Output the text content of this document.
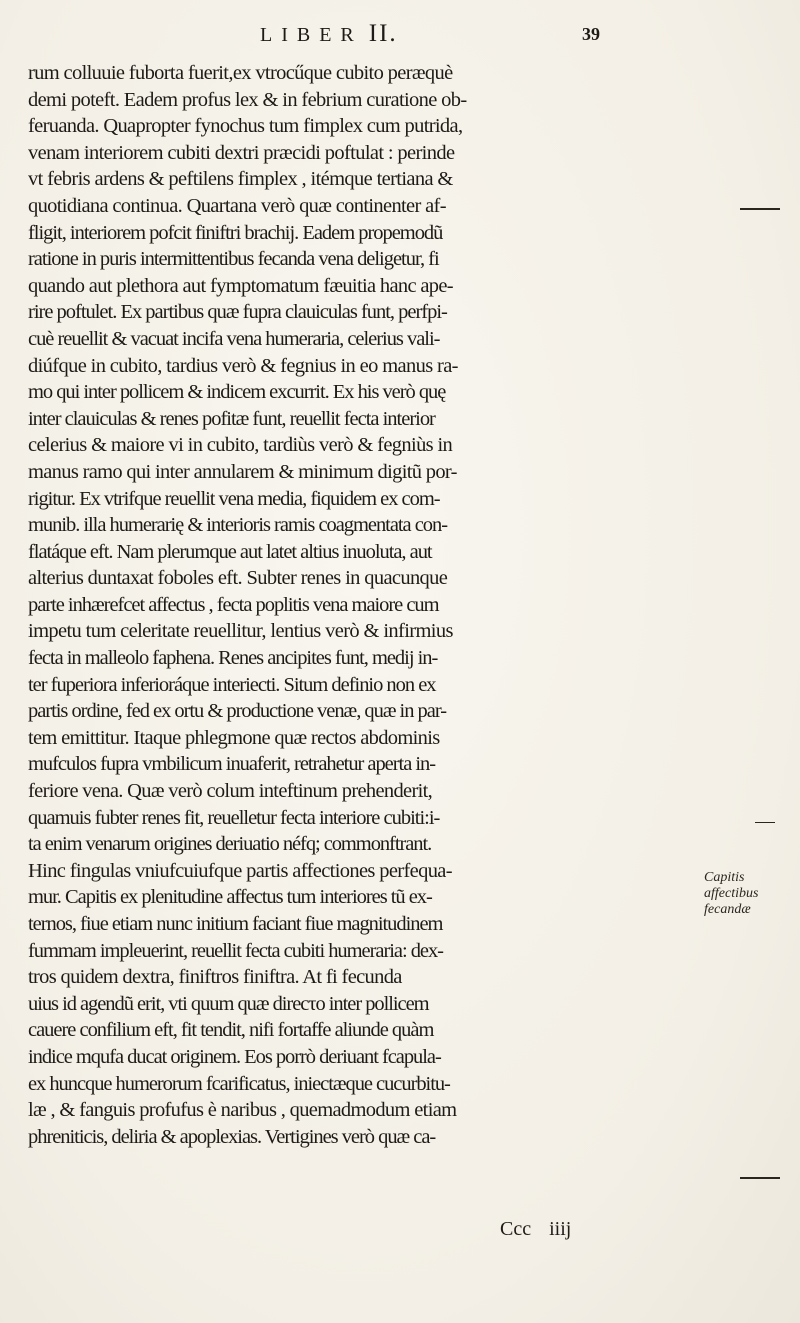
LIBER II.	39
rum colluuie fuborta fuerit,ex vtrocűque cubito peræquè
demi poteft. Eadem profus lex & in febrium curatione ob-
feruanda. Quapropter fynochus tum fimplex cum putrida,
venam interiorem cubiti dextri præcidi poftulat : perinde
vt febris ardens & peftilens fimplex , itémque tertiana &
quotidiana continua. Quartana verò quæ continenter af-
fligit, interiorem pofcit finiftri brachij. Eadem propemodũ
ratione in puris intermittentibus fecanda vena deligetur, fi
quando aut plethora aut fymptomatum fæuitia hanc ape-
rire poftulet. Ex partibus quæ fupra clauiculas funt, perfpi-
cuè reuellit & vacuat incifa vena humeraria, celerius vali-
diúfque in cubito, tardius verò & fegnius in eo manus ra-
mo qui inter pollicem & indicem excurrit. Ex his verò quę
inter clauiculas & renes pofitæ funt, reuellit fecta interior
celerius & maiore vi in cubito, tardiùs verò & fegniùs in
manus ramo qui inter annularem & minimum digitũ por-
rigitur. Ex vtrifque reuellit vena media, fiquidem ex com-
munib. illa humerarię & interioris ramis coagmentata con-
flatáque eft. Nam plerumque aut latet altius inuoluta, aut
alterius duntaxat foboles eft. Subter renes in quacunque
parte inhærefcet affectus , fecta poplitis vena maiore cum
impetu tum celeritate reuellitur, lentius verò & infirmius
fecta in malleolo faphena. Renes ancipites funt, medij in-
ter fuperiora inferioráque interiecti. Situm definio non ex
partis ordine, fed ex ortu & productione venæ, quæ in par-
tem emittitur. Itaque phlegmone quæ rectos abdominis
mufculos fupra vmbilicum inuaferit, retrahetur aperta in-
feriore vena. Quæ verò colum inteftinum prehenderit,
quamuis fubter renes fit, reuelletur fecta interiore cubiti:i-
ta enim venarum origines deriuatio néfq; commonftrant.
Hinc fingulas vniufcuiufque partis affectiones perfequa-
mur. Capitis ex plenitudine affectus tum interiores tũ ex-
ternos, fiue etiam nunc initium faciant fiue magnitudinem
fummam impleuerint, reuellit fecta cubiti humeraria: dex-
tros quidem dextra, finiftros finiftra. At fi fecunda
uius id agendũ erit, vti quum quæ direcτo inter pollicem
cauere confilium eft, fit tendit, nifi fortaffe aliunde quàm
indice mqufa ducat originem. Eos porrò deriuant fcapula-
ex huncque humerorum fcarificatus, iniectæque cucurbitu-
læ , & fanguis profufus è naribus , quemadmodum etiam
phreniticis, deliria & apoplexias. Vertigines verò quæ ca-
Capitis
affectibus
fecandæ
Ccc iiij
